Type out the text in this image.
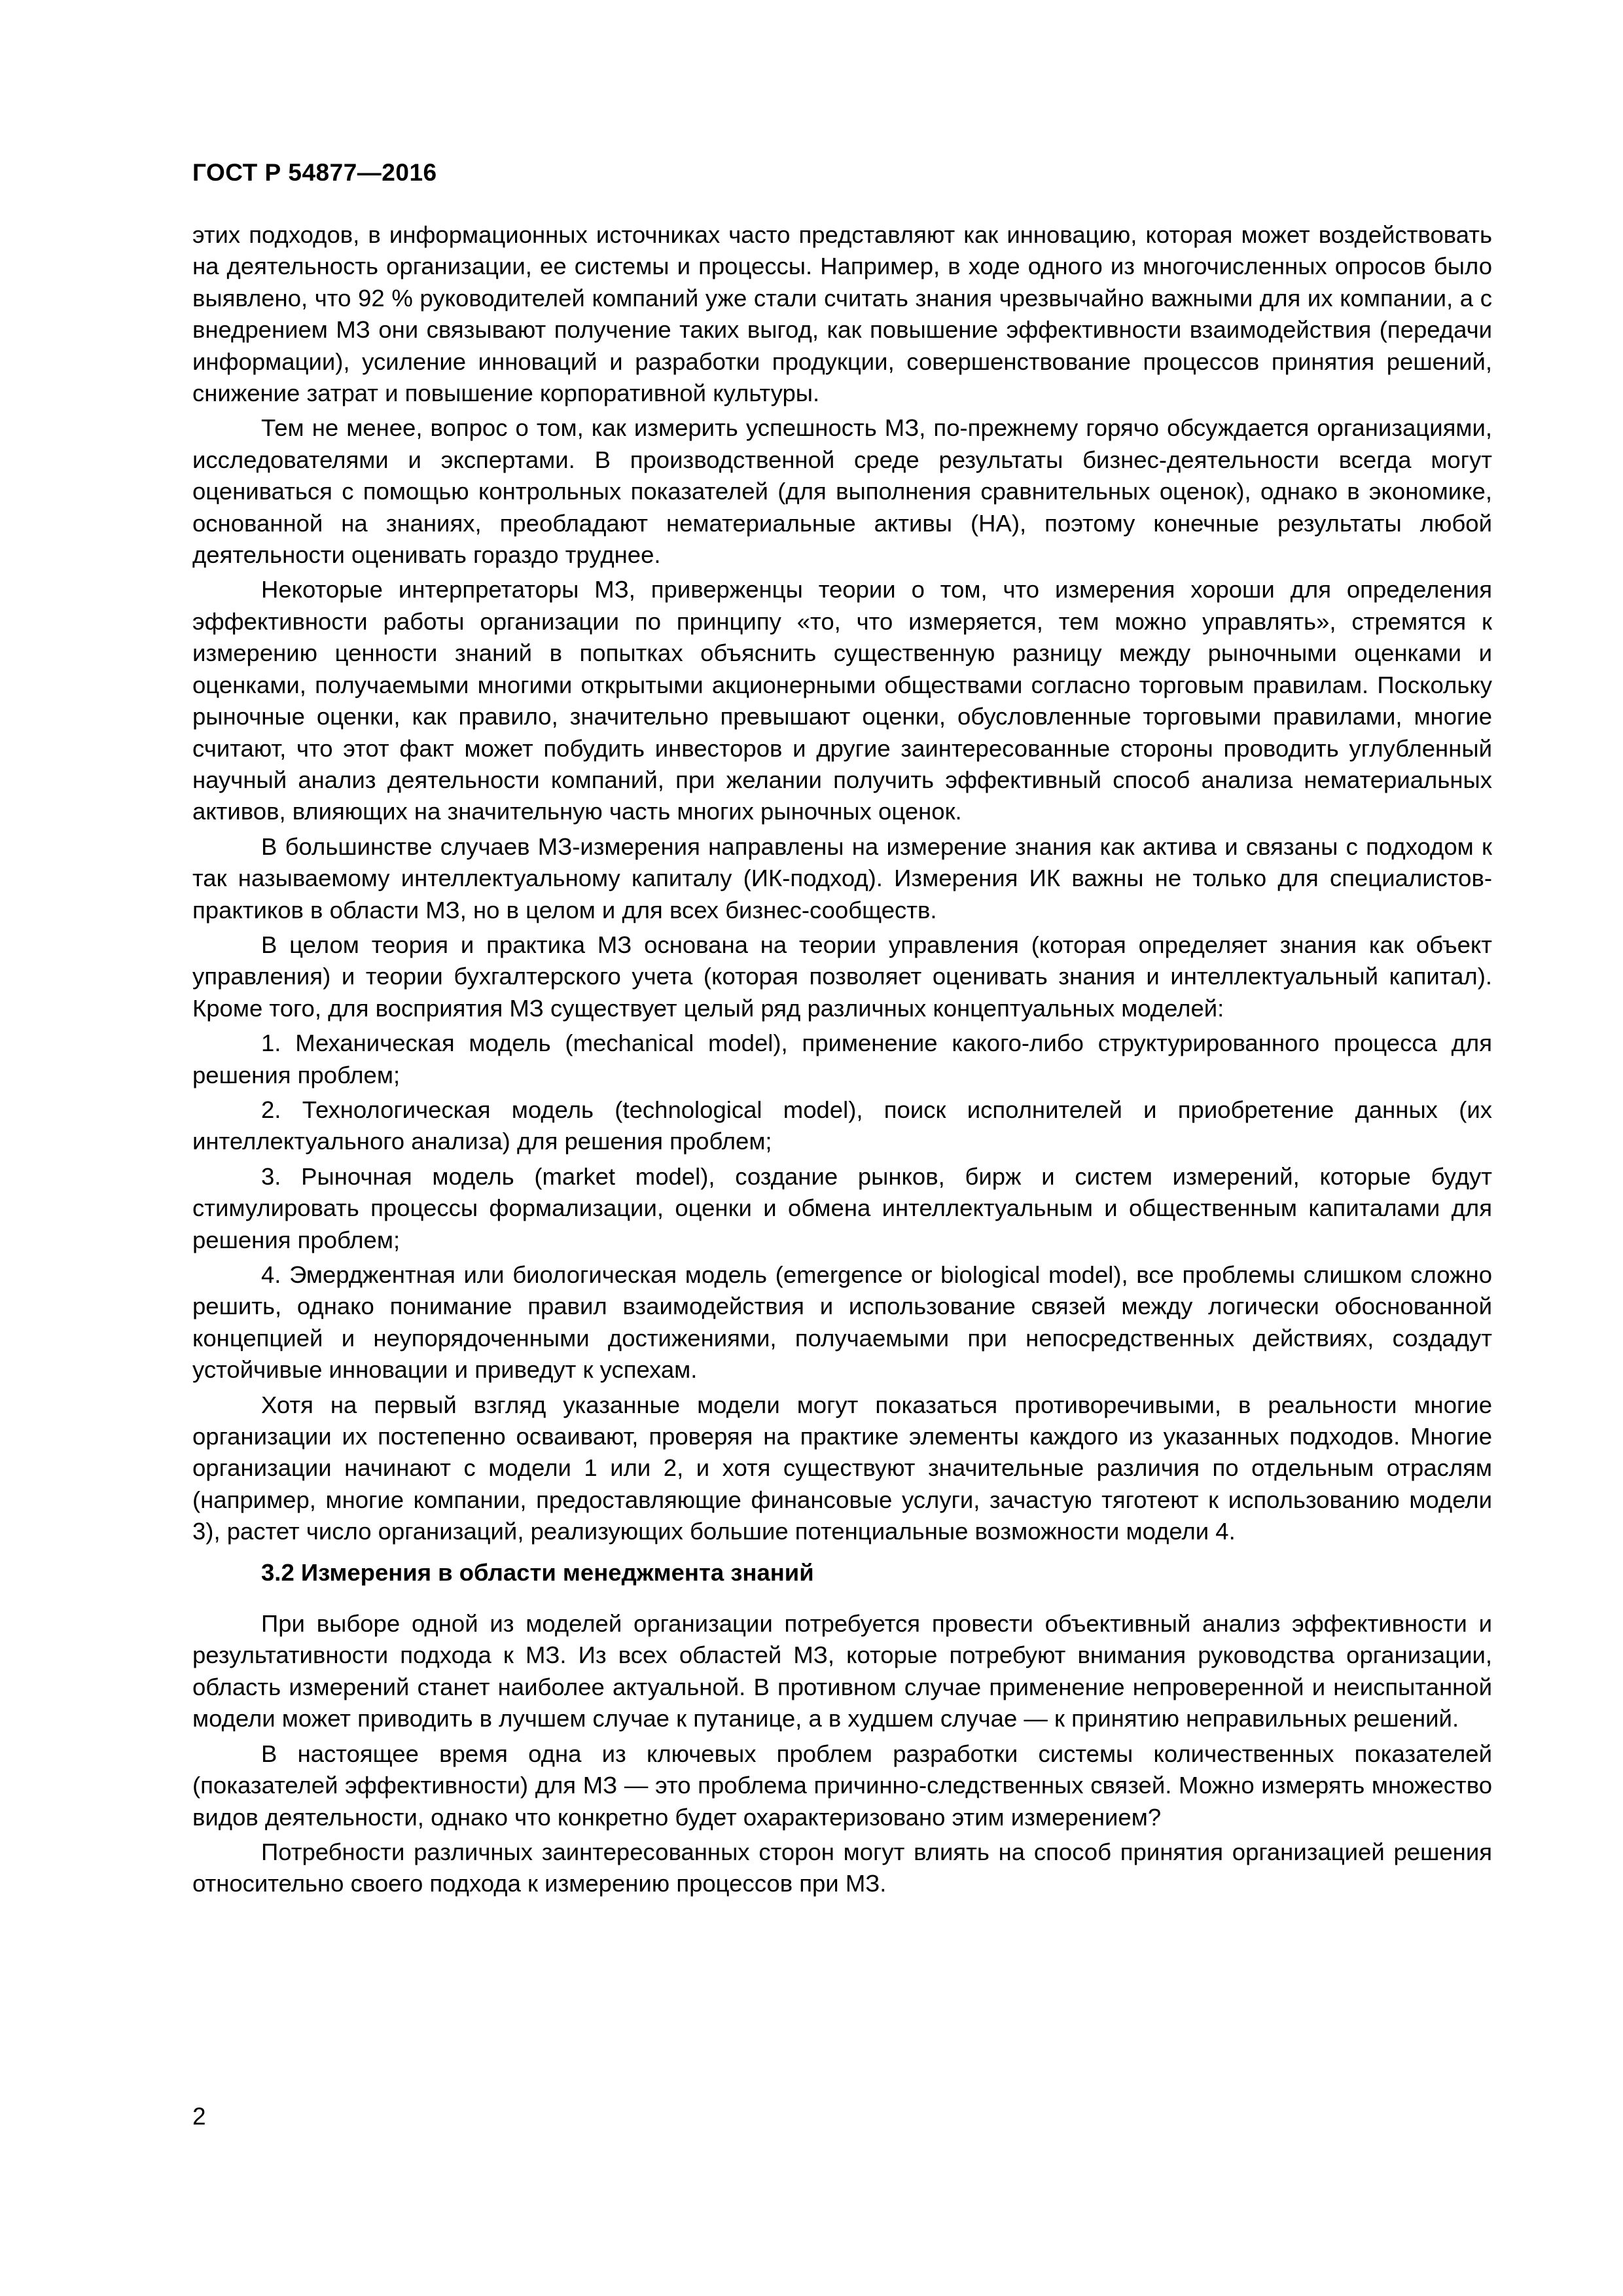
ГОСТ Р 54877—2016

этих подходов, в информационных источниках часто представляют как инновацию, которая может воздействовать на деятельность организации, ее системы и процессы. Например, в ходе одного из многочисленных опросов было выявлено, что 92 % руководителей компаний уже стали считать знания чрезвычайно важными для их компании, а с внедрением МЗ они связывают получение таких выгод, как повышение эффективности взаимодействия (передачи информации), усиление инноваций и разработки продукции, совершенствование процессов принятия решений, снижение затрат и повышение корпоративной культуры.

Тем не менее, вопрос о том, как измерить успешность МЗ, по-прежнему горячо обсуждается организациями, исследователями и экспертами. В производственной среде результаты бизнес-деятельности всегда могут оцениваться с помощью контрольных показателей (для выполнения сравнительных оценок), однако в экономике, основанной на знаниях, преобладают нематериальные активы (НА), поэтому конечные результаты любой деятельности оценивать гораздо труднее.

Некоторые интерпретаторы МЗ, приверженцы теории о том, что измерения хороши для определения эффективности работы организации по принципу «то, что измеряется, тем можно управлять», стремятся к измерению ценности знаний в попытках объяснить существенную разницу между рыночными оценками и оценками, получаемыми многими открытыми акционерными обществами согласно торговым правилам. Поскольку рыночные оценки, как правило, значительно превышают оценки, обусловленные торговыми правилами, многие считают, что этот факт может побудить инвесторов и другие заинтересованные стороны проводить углубленный научный анализ деятельности компаний, при желании получить эффективный способ анализа нематериальных активов, влияющих на значительную часть многих рыночных оценок.

В большинстве случаев МЗ-измерения направлены на измерение знания как актива и связаны с подходом к так называемому интеллектуальному капиталу (ИК-подход). Измерения ИК важны не только для специалистов-практиков в области МЗ, но в целом и для всех бизнес-сообществ.

В целом теория и практика МЗ основана на теории управления (которая определяет знания как объект управления) и теории бухгалтерского учета (которая позволяет оценивать знания и интеллектуальный капитал). Кроме того, для восприятия МЗ существует целый ряд различных концептуальных моделей:

1. Механическая модель (mechanical model), применение какого-либо структурированного процесса для решения проблем;

2. Технологическая модель (technological model), поиск исполнителей и приобретение данных (их интеллектуального анализа) для решения проблем;

3. Рыночная модель (market model), создание рынков, бирж и систем измерений, которые будут стимулировать процессы формализации, оценки и обмена интеллектуальным и общественным капиталами для решения проблем;

4. Эмерджентная или биологическая модель (emergence or biological model), все проблемы слишком сложно решить, однако понимание правил взаимодействия и использование связей между логически обоснованной концепцией и неупорядоченными достижениями, получаемыми при непосредственных действиях, создадут устойчивые инновации и приведут к успехам.

Хотя на первый взгляд указанные модели могут показаться противоречивыми, в реальности многие организации их постепенно осваивают, проверяя на практике элементы каждого из указанных подходов. Многие организации начинают с модели 1 или 2, и хотя существуют значительные различия по отдельным отраслям (например, многие компании, предоставляющие финансовые услуги, зачастую тяготеют к использованию модели 3), растет число организаций, реализующих большие потенциальные возможности модели 4.

3.2 Измерения в области менеджмента знаний

При выборе одной из моделей организации потребуется провести объективный анализ эффективности и результативности подхода к МЗ. Из всех областей МЗ, которые потребуют внимания руководства организации, область измерений станет наиболее актуальной. В противном случае применение непроверенной и неиспытанной модели может приводить в лучшем случае к путанице, а в худшем случае — к принятию неправильных решений.

В настоящее время одна из ключевых проблем разработки системы количественных показателей (показателей эффективности) для МЗ — это проблема причинно-следственных связей. Можно измерять множество видов деятельности, однако что конкретно будет охарактеризовано этим измерением?

Потребности различных заинтересованных сторон могут влиять на способ принятия организацией решения относительно своего подхода к измерению процессов при МЗ.

2
